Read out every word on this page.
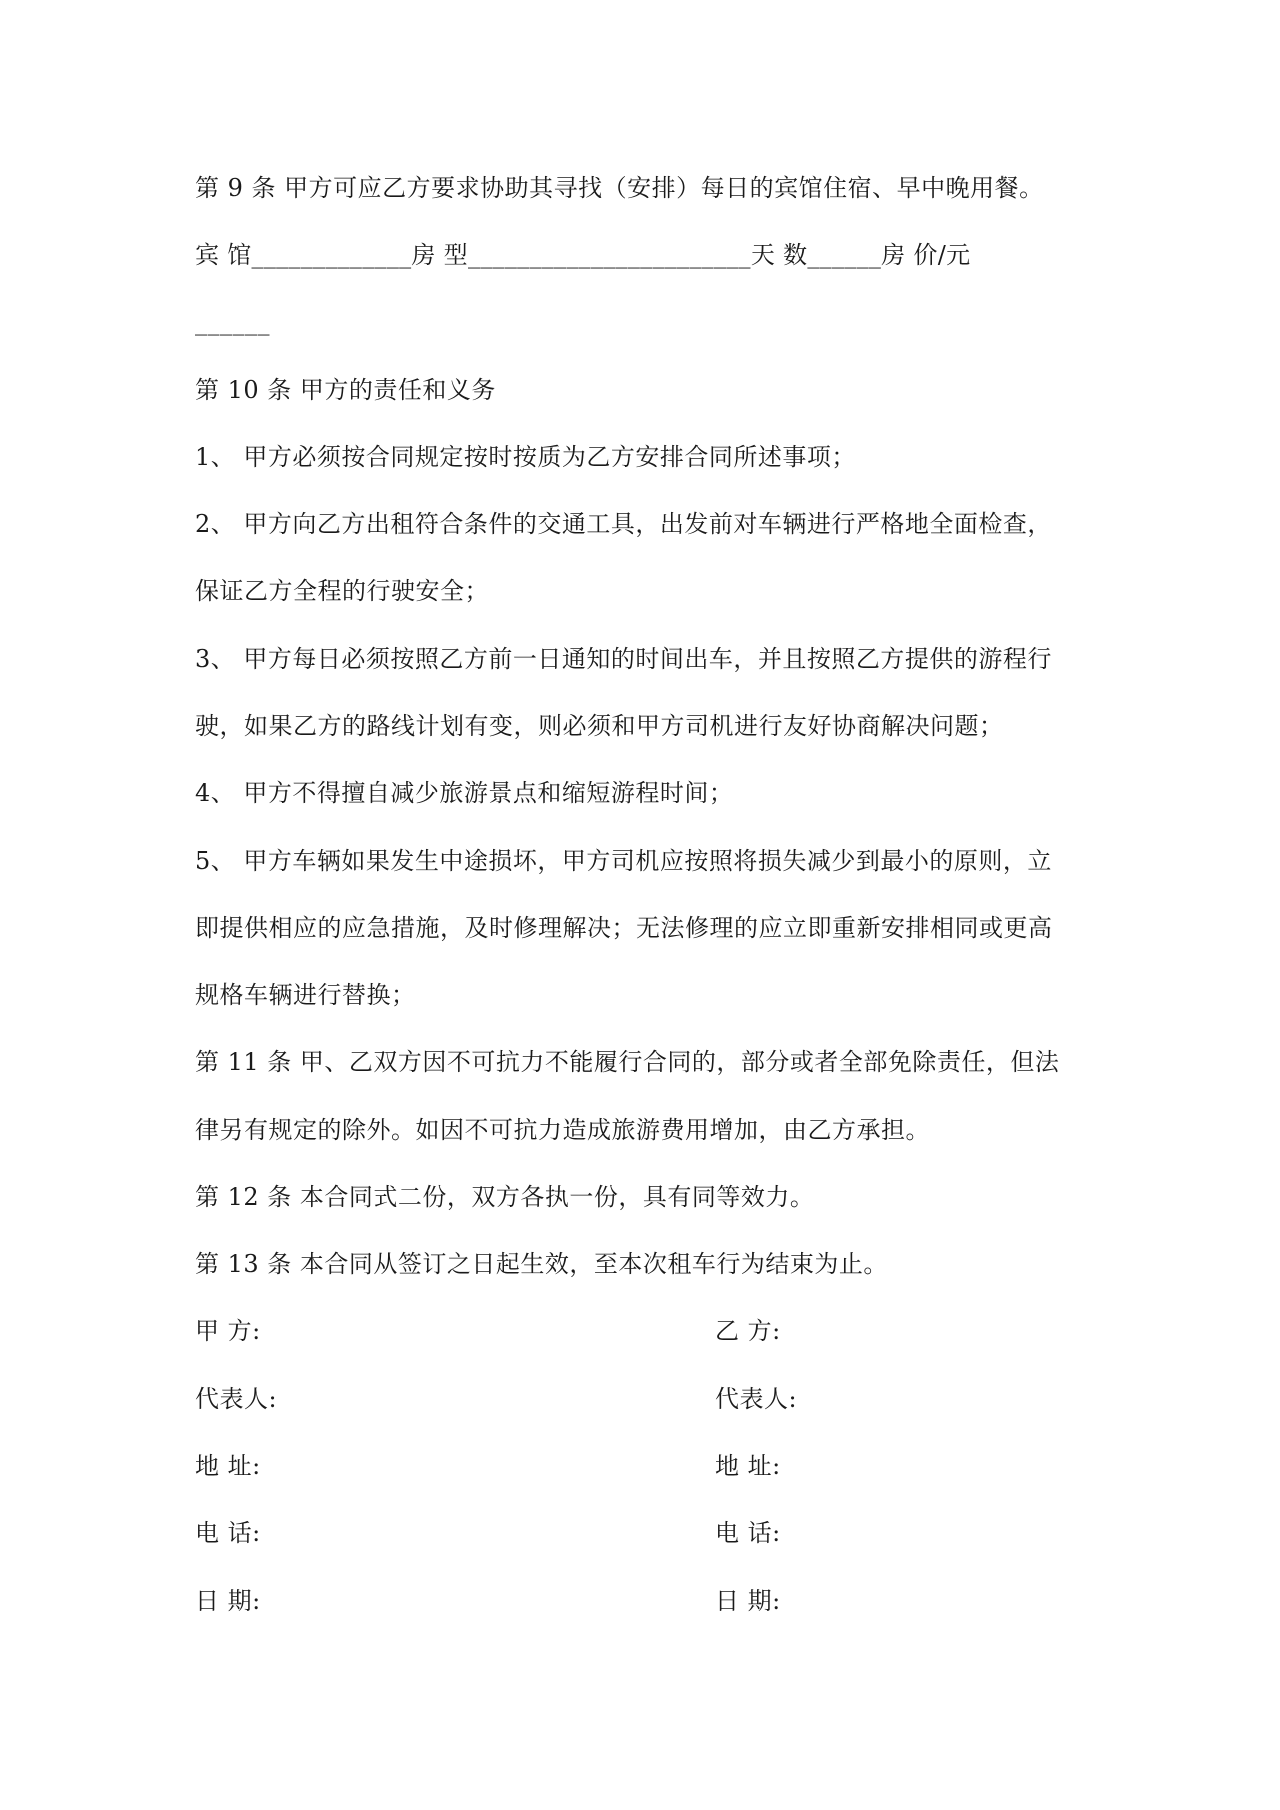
第 9 条 甲方可应乙方要求协助其寻找（安排）每日的宾馆住宿、早中晚用餐。

宾 馆_____________房 型_______________________天 数______房 价/元

______

第 10 条 甲方的责任和义务

1、 甲方必须按合同规定按时按质为乙方安排合同所述事项；

2、 甲方向乙方出租符合条件的交通工具，出发前对车辆进行严格地全面检查，

保证乙方全程的行驶安全；

3、 甲方每日必须按照乙方前一日通知的时间出车，并且按照乙方提供的游程行

驶，如果乙方的路线计划有变，则必须和甲方司机进行友好协商解决问题；

4、 甲方不得擅自减少旅游景点和缩短游程时间；

5、 甲方车辆如果发生中途损坏，甲方司机应按照将损失减少到最小的原则，立

即提供相应的应急措施，及时修理解决；无法修理的应立即重新安排相同或更高

规格车辆进行替换；

第 11 条 甲、乙双方因不可抗力不能履行合同的，部分或者全部免除责任，但法

律另有规定的除外。如因不可抗力造成旅游费用增加，由乙方承担。

第 12 条 本合同式二份，双方各执一份，具有同等效力。

第 13 条 本合同从签订之日起生效，至本次租车行为结束为止。

甲 方:	乙 方:
代表人:	代表人:
地 址:	地 址:
电 话:	电 话:
日 期:	日 期:
